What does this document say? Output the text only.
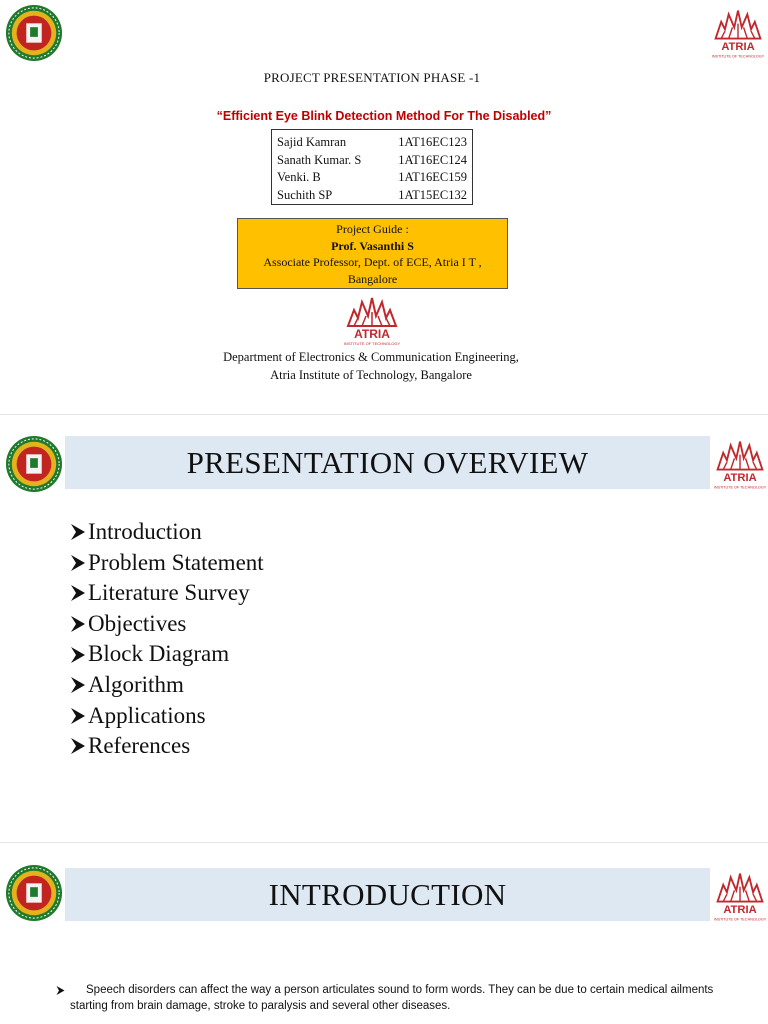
ATRIA
INSTITUTE OF TECHNOLOGY
PROJECT PRESENTATION PHASE -1
“Efficient Eye Blink Detection Method For The Disabled”
Sajid Kamran	1AT16EC123
Sanath Kumar. S	1AT16EC124
Venki. B	1AT16EC159
Suchith SP	1AT15EC132
Project Guide :
Prof. Vasanthi S
Associate Professor, Dept. of ECE, Atria I T ,
Bangalore
ATRIA
INSTITUTE OF TECHNOLOGY
Department of Electronics & Communication Engineering,
Atria Institute of Technology, Bangalore
PRESENTATION OVERVIEW	ATRIA
INSTITUTE OF TECHNOLOGY
Introduction
Problem Statement
Literature Survey
Objectives
Block Diagram
Algorithm
Applications
References
INTRODUCTION	ATRIA
INSTITUTE OF TECHNOLOGY
Speech disorders can affect the way a person articulates sound to form words. They can be due to certain medical ailments starting from brain damage, stroke to paralysis and several other diseases.
